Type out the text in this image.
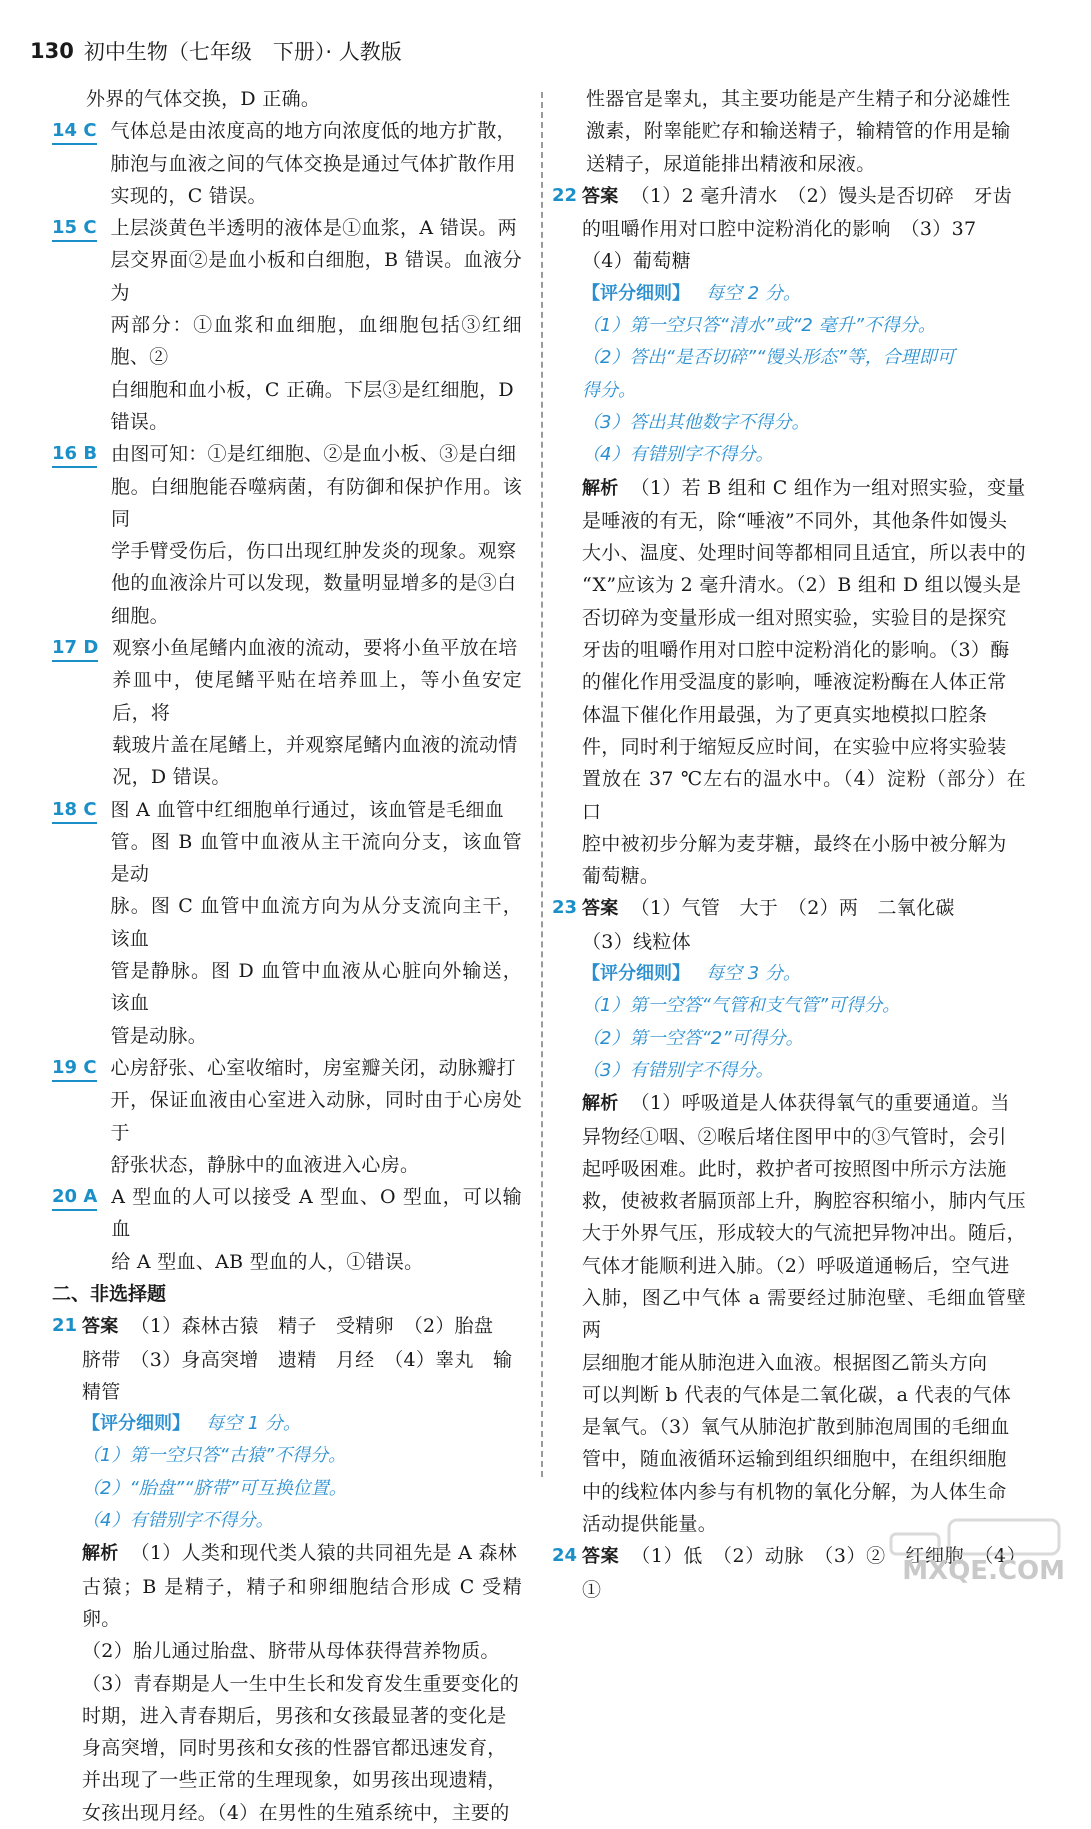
130 初中生物（七年级　下册）· 人教版

外界的气体交换，D 正确。

14 C 气体总是由浓度高的地方向浓度低的地方扩散，

肺泡与血液之间的气体交换是通过气体扩散作用

实现的，C 错误。

15 C 上层淡黄色半透明的液体是①血浆，A 错误。两

层交界面②是血小板和白细胞，B 错误。血液分为

两部分：①血浆和血细胞，血细胞包括③红细胞、②

白细胞和血小板，C 正确。下层③是红细胞，D

错误。

16 B 由图可知：①是红细胞、②是血小板、③是白细

胞。白细胞能吞噬病菌，有防御和保护作用。该同

学手臂受伤后，伤口出现红肿发炎的现象。观察

他的血液涂片可以发现，数量明显增多的是③白

细胞。

17 D 观察小鱼尾鳍内血液的流动，要将小鱼平放在培

养皿中，使尾鳍平贴在培养皿上，等小鱼安定后，将

载玻片盖在尾鳍上，并观察尾鳍内血液的流动情

况，D 错误。

18 C 图 A 血管中红细胞单行通过，该血管是毛细血

管。图 B 血管中血液从主干流向分支，该血管是动

脉。图 C 血管中血流方向为从分支流向主干，该血

管是静脉。图 D 血管中血液从心脏向外输送，该血

管是动脉。

19 C 心房舒张、心室收缩时，房室瓣关闭，动脉瓣打

开，保证血液由心室进入动脉，同时由于心房处于

舒张状态，静脉中的血液进入心房。

20 A A 型血的人可以接受 A 型血、O 型血，可以输血

给 A 型血、AB 型血的人，①错误。

二、非选择题

21 答案 （1）森林古猿　精子　受精卵　（2）胎盘

脐带　（3）身高突增　遗精　月经　（4）睾丸　输

精管

【评分细则】 每空 1 分。

（1）第一空只答“古猿”不得分。

（2）“胎盘”“脐带”可互换位置。

（4）有错别字不得分。

解析 （1）人类和现代类人猿的共同祖先是 A 森林

古猿；B 是精子，精子和卵细胞结合形成 C 受精卵。

（2）胎儿通过胎盘、脐带从母体获得营养物质。

（3）青春期是人一生中生长和发育发生重要变化的

时期，进入青春期后，男孩和女孩最显著的变化是

身高突增，同时男孩和女孩的性器官都迅速发育，

并出现了一些正常的生理现象，如男孩出现遗精，

女孩出现月经。（4）在男性的生殖系统中，主要的

性器官是睾丸，其主要功能是产生精子和分泌雄性

激素，附睾能贮存和输送精子，输精管的作用是输

送精子，尿道能排出精液和尿液。

22 答案 （1）2 毫升清水　（2）馒头是否切碎　牙齿

的咀嚼作用对口腔中淀粉消化的影响　（3）37

（4）葡萄糖

【评分细则】 每空 2 分。

（1）第一空只答“清水”或“2 毫升”不得分。

（2）答出“是否切碎”“馒头形态”等，合理即可

得分。

（3）答出其他数字不得分。

（4）有错别字不得分。

解析 （1）若 B 组和 C 组作为一组对照实验，变量

是唾液的有无，除“唾液”不同外，其他条件如馒头

大小、温度、处理时间等都相同且适宜，所以表中的

“X”应该为 2 毫升清水。（2）B 组和 D 组以馒头是

否切碎为变量形成一组对照实验，实验目的是探究

牙齿的咀嚼作用对口腔中淀粉消化的影响。（3）酶

的催化作用受温度的影响，唾液淀粉酶在人体正常

体温下催化作用最强，为了更真实地模拟口腔条

件，同时利于缩短反应时间，在实验中应将实验装

置放在 37 ℃左右的温水中。（4）淀粉（部分）在口

腔中被初步分解为麦芽糖，最终在小肠中被分解为

葡萄糖。

23 答案 （1）气管　大于　（2）两　二氧化碳

（3）线粒体

【评分细则】 每空 3 分。

（1）第一空答“气管和支气管”可得分。

（2）第一空答“2”可得分。

（3）有错别字不得分。

解析 （1）呼吸道是人体获得氧气的重要通道。当

异物经①咽、②喉后堵住图甲中的③气管时，会引

起呼吸困难。此时，救护者可按照图中所示方法施

救，使被救者膈顶部上升，胸腔容积缩小，肺内气压

大于外界气压，形成较大的气流把异物冲出。随后，

气体才能顺利进入肺。（2）呼吸道通畅后，空气进

入肺，图乙中气体 a 需要经过肺泡壁、毛细血管壁两

层细胞才能从肺泡进入血液。根据图乙箭头方向

可以判断 b 代表的气体是二氧化碳，a 代表的气体

是氧气。（3）氧气从肺泡扩散到肺泡周围的毛细血

管中，随血液循环运输到组织细胞中，在组织细胞

中的线粒体内参与有机物的氧化分解，为人体生命

活动提供能量。

24 答案 （1）低　（2）动脉　（3）②　红细胞　（4）①

MXQE.COM
